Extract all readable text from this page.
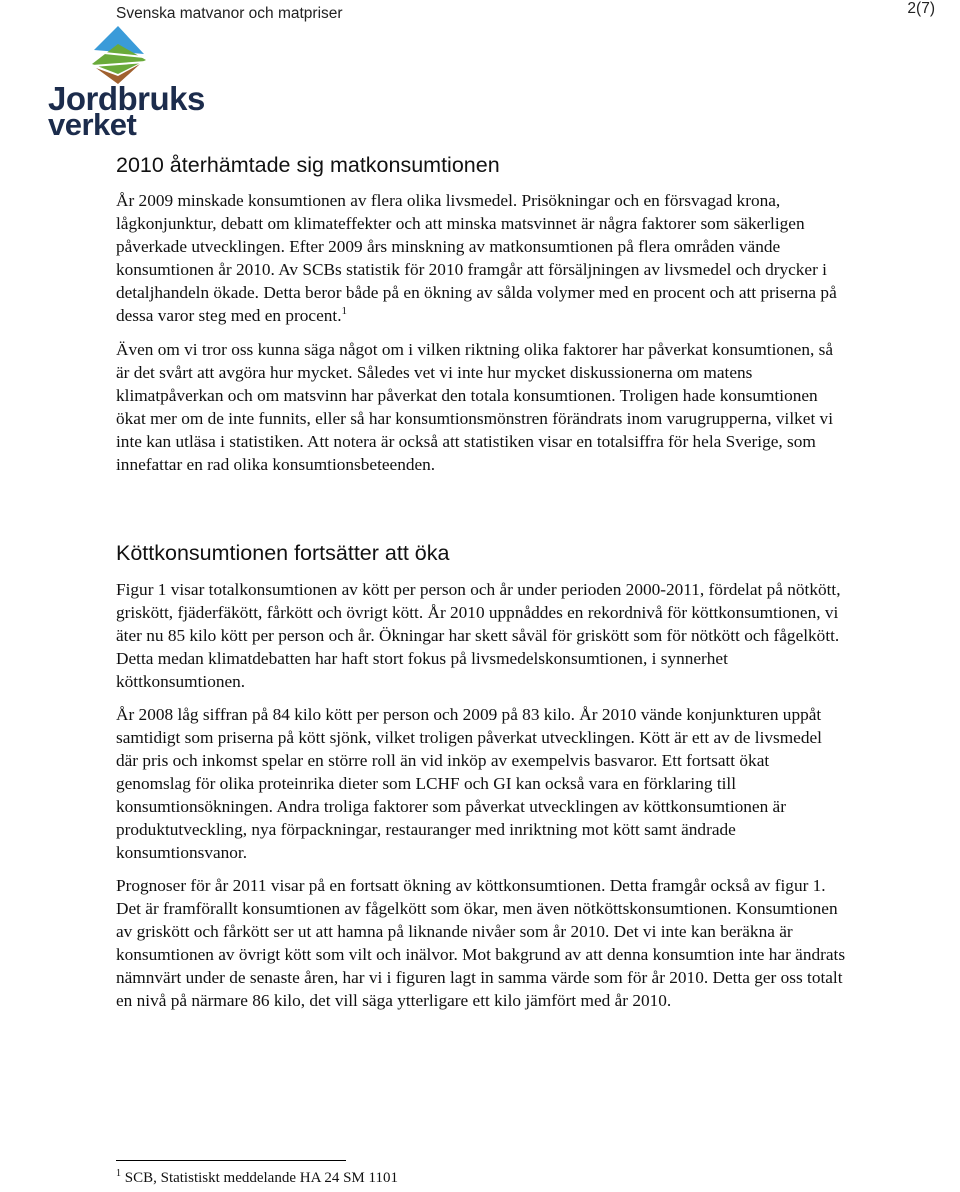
Svenska matvanor och matpriser	2(7)
Jordbruks
verket
2010 återhämtade sig matkonsumtionen

År 2009 minskade konsumtionen av flera olika livsmedel. Prisökningar och en försvagad krona, lågkonjunktur, debatt om klimateffekter och att minska matsvinnet är några faktorer som säkerligen påverkade utvecklingen. Efter 2009 års minskning av matkonsumtionen på flera områden vände konsumtionen år 2010. Av SCBs statistik för 2010 framgår att försäljningen av livsmedel och drycker i detaljhandeln ökade. Detta beror både på en ökning av sålda volymer med en procent och att priserna på dessa varor steg med en procent.$^1$

Även om vi tror oss kunna säga något om i vilken riktning olika faktorer har påverkat konsumtionen, så är det svårt att avgöra hur mycket. Således vet vi inte hur mycket diskussionerna om matens klimatpåverkan och om matsvinn har påverkat den totala konsumtionen. Troligen hade konsumtionen ökat mer om de inte funnits, eller så har konsumtionsmönstren förändrats inom varugrupperna, vilket vi inte kan utläsa i statistiken. Att notera är också att statistiken visar en totalsiffra för hela Sverige, som innefattar en rad olika konsumtionsbeteenden.

Köttkonsumtionen fortsätter att öka

Figur 1 visar totalkonsumtionen av kött per person och år under perioden 2000-2011, fördelat på nötkött, griskött, fjäderfäkött, fårkött och övrigt kött. År 2010 uppnåddes en rekordnivå för köttkonsumtionen, vi äter nu 85 kilo kött per person och år. Ökningar har skett såväl för griskött som för nötkött och fågelkött. Detta medan klimatdebatten har haft stort fokus på livsmedelskonsumtionen, i synnerhet köttkonsumtionen.

År 2008 låg siffran på 84 kilo kött per person och 2009 på 83 kilo. År 2010 vände konjunkturen uppåt samtidigt som priserna på kött sjönk, vilket troligen påverkat utvecklingen. Kött är ett av de livsmedel där pris och inkomst spelar en större roll än vid inköp av exempelvis basvaror. Ett fortsatt ökat genomslag för olika proteinrika dieter som LCHF och GI kan också vara en förklaring till konsumtionsökningen. Andra troliga faktorer som påverkat utvecklingen av köttkonsumtionen är produktutveckling, nya förpackningar, restauranger med inriktning mot kött samt ändrade konsumtionsvanor.

Prognoser för år 2011 visar på en fortsatt ökning av köttkonsumtionen. Detta framgår också av figur 1. Det är framförallt konsumtionen av fågelkött som ökar, men även nötköttskonsumtionen. Konsumtionen av griskött och fårkött ser ut att hamna på liknande nivåer som år 2010. Det vi inte kan beräkna är konsumtionen av övrigt kött som vilt och inälvor. Mot bakgrund av att denna konsumtion inte har ändrats nämnvärt under de senaste åren, har vi i figuren lagt in samma värde som för år 2010. Detta ger oss totalt en nivå på närmare 86 kilo, det vill säga ytterligare ett kilo jämfört med år 2010.

$^1$ SCB, Statistiskt meddelande HA 24 SM 1101
